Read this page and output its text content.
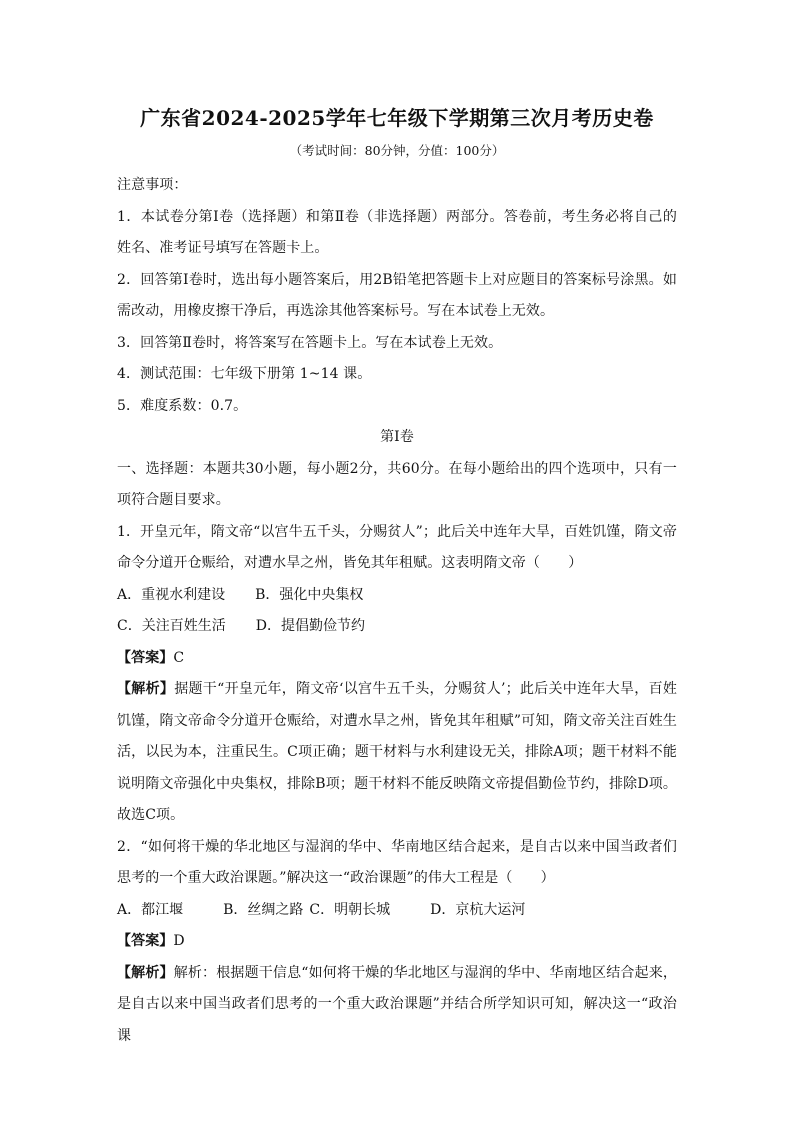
广东省2024-2025学年七年级下学期第三次月考历史卷
（考试时间：80分钟，分值：100分）

注意事项：

1．本试卷分第Ⅰ卷（选择题）和第Ⅱ卷（非选择题）两部分。答卷前，考生务必将自己的姓名、准考证号填写在答题卡上。

2．回答第Ⅰ卷时，选出每小题答案后，用2B铅笔把答题卡上对应题目的答案标号涂黑。如需改动，用橡皮擦干净后，再选涂其他答案标号。写在本试卷上无效。

3．回答第Ⅱ卷时，将答案写在答题卡上。写在本试卷上无效。

4．测试范围：七年级下册第 1~14 课。

5．难度系数：0.7。

第Ⅰ卷

一、选择题：本题共30小题，每小题2分，共60分。在每小题给出的四个选项中，只有一项符合题目要求。

1．开皇元年，隋文帝“以宫牛五千头，分赐贫人”；此后关中连年大旱，百姓饥馑，隋文帝命令分道开仓赈给，对遭水旱之州，皆免其年租赋。这表明隋文帝（　　）

A．重视水利建设 B．强化中央集权
C．关注百姓生活 D．提倡勤俭节约

【答案】C

【解析】据题干“开皇元年，隋文帝‘以宫牛五千头，分赐贫人’；此后关中连年大旱，百姓饥馑，隋文帝命令分道开仓赈给，对遭水旱之州，皆免其年租赋”可知，隋文帝关注百姓生活，以民为本，注重民生。C项正确；题干材料与水利建设无关，排除A项；题干材料不能说明隋文帝强化中央集权，排除B项；题干材料不能反映隋文帝提倡勤俭节约，排除D项。故选C项。

2．“如何将干燥的华北地区与湿润的华中、华南地区结合起来，是自古以来中国当政者们思考的一个重大政治课题。”解决这一“政治课题”的伟大工程是（　　）

A．都江堰	B．丝绸之路 C．明朝长城	D．京杭大运河

【答案】D

【解析】解析：根据题干信息“如何将干燥的华北地区与湿润的华中、华南地区结合起来，是自古以来中国当政者们思考的一个重大政治课题”并结合所学知识可知，解决这一“政治课
